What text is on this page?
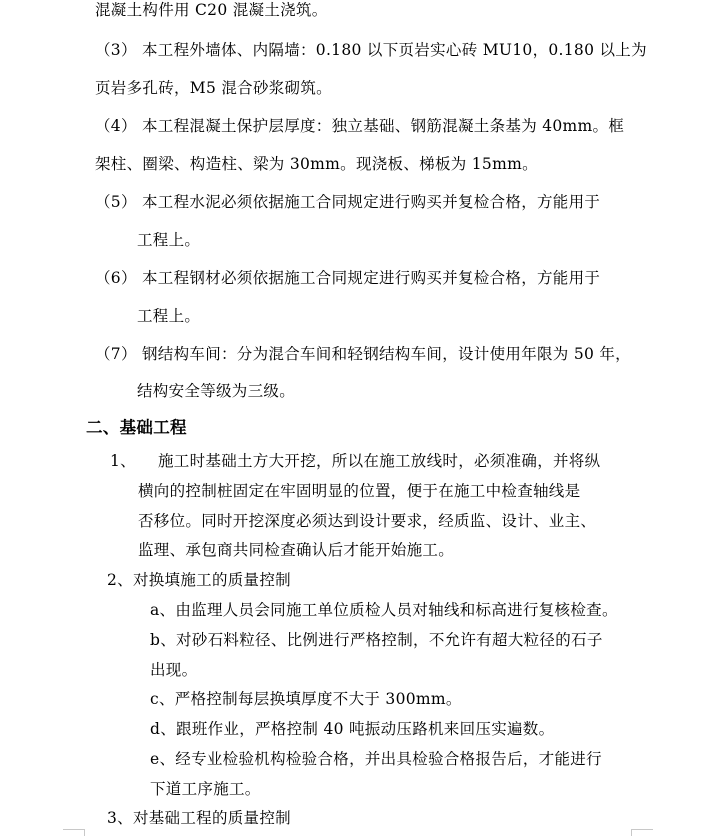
混凝土构件用 C20 混凝土浇筑。
（3） 本工程外墙体、内隔墙：0.180 以下页岩实心砖 MU10，0.180 以上为
页岩多孔砖，M5 混合砂浆砌筑。
（4） 本工程混凝土保护层厚度：独立基础、钢筋混凝土条基为 40mm。框
架柱、圈梁、构造柱、梁为 30mm。现浇板、梯板为 15mm。
（5） 本工程水泥必须依据施工合同规定进行购买并复检合格，方能用于
工程上。
（6） 本工程钢材必须依据施工合同规定进行购买并复检合格，方能用于
工程上。
（7） 钢结构车间：分为混合车间和轻钢结构车间，设计使用年限为 50 年，
结构安全等级为三级。
二、基础工程
1、 施工时基础土方大开挖，所以在施工放线时，必须准确，并将纵
横向的控制桩固定在牢固明显的位置，便于在施工中检查轴线是
否移位。同时开挖深度必须达到设计要求，经质监、设计、业主、
监理、承包商共同检查确认后才能开始施工。
2、对换填施工的质量控制
a、由监理人员会同施工单位质检人员对轴线和标高进行复核检查。
b、对砂石料粒径、比例进行严格控制，不允许有超大粒径的石子
出现。
c、严格控制每层换填厚度不大于 300mm。
d、跟班作业，严格控制 40 吨振动压路机来回压实遍数。
e、经专业检验机构检验合格，并出具检验合格报告后，才能进行
下道工序施工。
3、对基础工程的质量控制
